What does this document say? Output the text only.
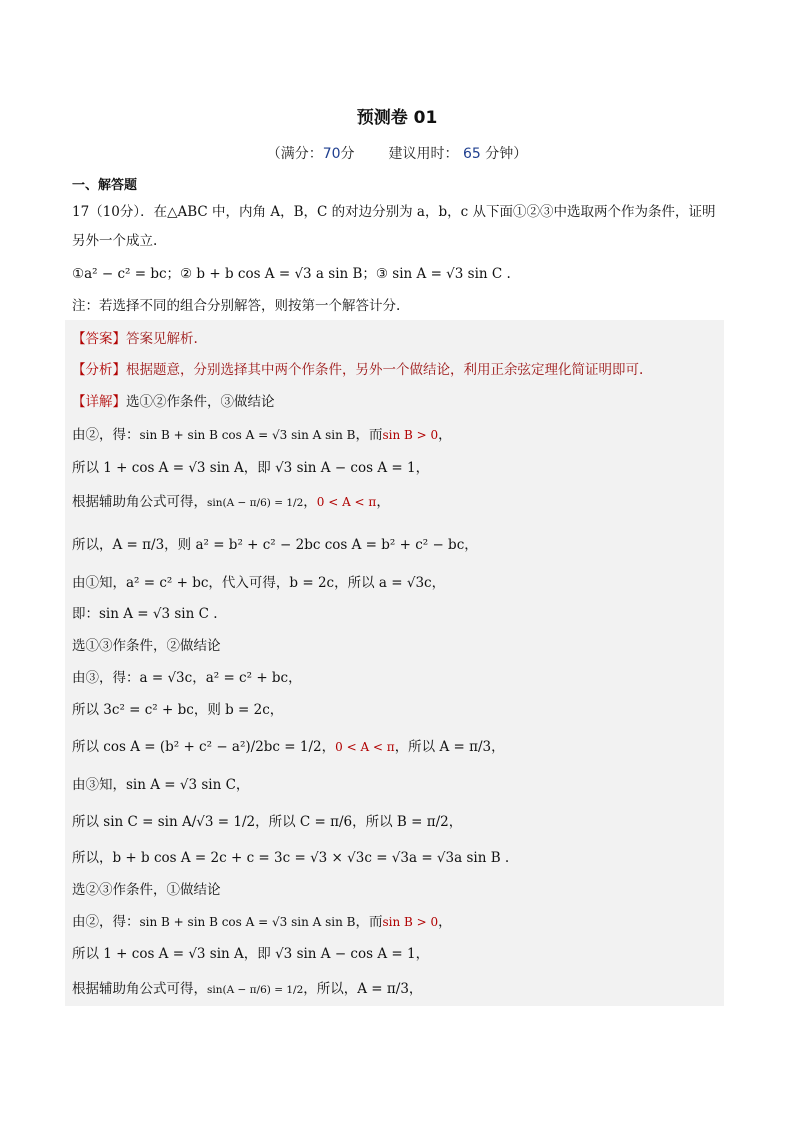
预测卷 01
（满分：70分 建议用时： 65 分钟）
一、解答题
17（10分）．在△ABC 中，内角 A，B，C 的对边分别为 a，b，c 从下面①②③中选取两个作为条件，证明
另外一个成立.
①a² − c² = bc；② b + b cos A = √3 a sin B；③ sin A = √3 sin C .
注：若选择不同的组合分别解答，则按第一个解答计分.
【答案】答案见解析.
【分析】根据题意，分别选择其中两个作条件，另外一个做结论，利用正余弦定理化简证明即可.
【详解】选①②作条件，③做结论
由②，得：sin B + sin B cos A = √3 sin A sin B，而sin B > 0，
所以 1 + cos A = √3 sin A，即 √3 sin A − cos A = 1，
根据辅助角公式可得，sin(A − π/6) = 1/2，0 < A < π，
所以，A = π/3，则 a² = b² + c² − 2bc cos A = b² + c² − bc，
由①知，a² = c² + bc，代入可得，b = 2c，所以 a = √3c，
即：sin A = √3 sin C .
选①③作条件，②做结论
由③，得：a = √3c，a² = c² + bc，
所以 3c² = c² + bc，则 b = 2c，
所以 cos A = (b² + c² − a²)/2bc = 1/2，0 < A < π，所以 A = π/3，
由③知，sin A = √3 sin C，
所以 sin C = sin A/√3 = 1/2，所以 C = π/6，所以 B = π/2，
所以，b + b cos A = 2c + c = 3c = √3 × √3c = √3a = √3a sin B .
选②③作条件，①做结论
由②，得：sin B + sin B cos A = √3 sin A sin B，而sin B > 0，
所以 1 + cos A = √3 sin A，即 √3 sin A − cos A = 1，
根据辅助角公式可得，sin(A − π/6) = 1/2，所以，A = π/3，
